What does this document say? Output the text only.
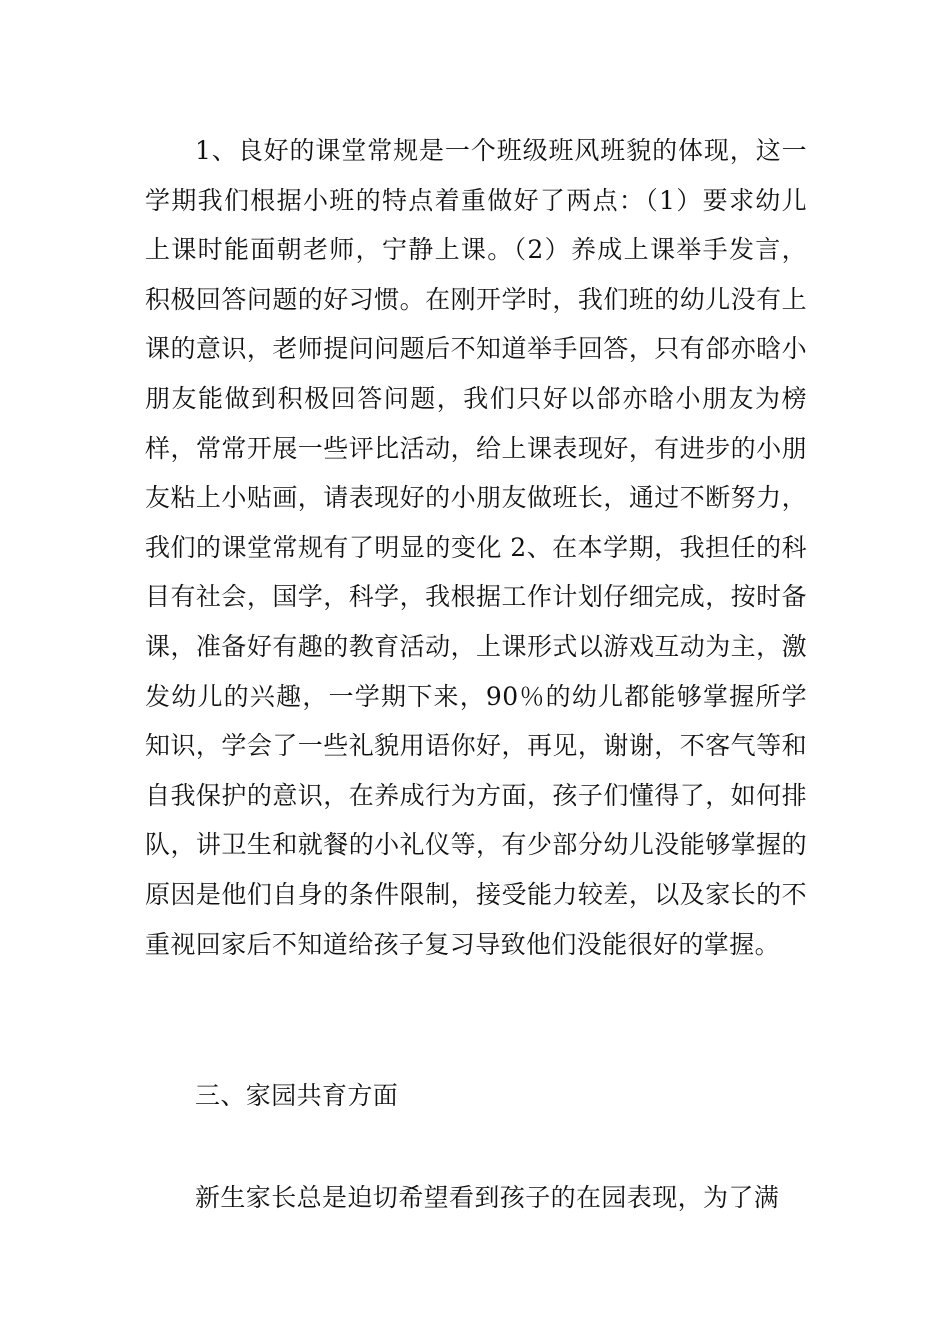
1、良好的课堂常规是一个班级班风班貌的体现，这一学期我们根据小班的特点着重做好了两点：（1）要求幼儿上课时能面朝老师，宁静上课。（2）养成上课举手发言，积极回答问题的好习惯。在刚开学时，我们班的幼儿没有上课的意识，老师提问问题后不知道举手回答，只有郃亦晗小朋友能做到积极回答问题，我们只好以郃亦晗小朋友为榜样，常常开展一些评比活动，给上课表现好，有进步的小朋友粘上小贴画，请表现好的小朋友做班长，通过不断努力，我们的课堂常规有了明显的变化 2、在本学期，我担任的科目有社会，国学，科学，我根据工作计划仔细完成，按时备课，准备好有趣的教育活动，上课形式以游戏互动为主，激发幼儿的兴趣，一学期下来，90％的幼儿都能够掌握所学知识，学会了一些礼貌用语你好，再见，谢谢，不客气等和自我保护的意识，在养成行为方面，孩子们懂得了，如何排队，讲卫生和就餐的小礼仪等，有少部分幼儿没能够掌握的原因是他们自身的条件限制，接受能力较差，以及家长的不重视回家后不知道给孩子复习导致他们没能很好的掌握。

三、家园共育方面

新生家长总是迫切希望看到孩子的在园表现，为了满
